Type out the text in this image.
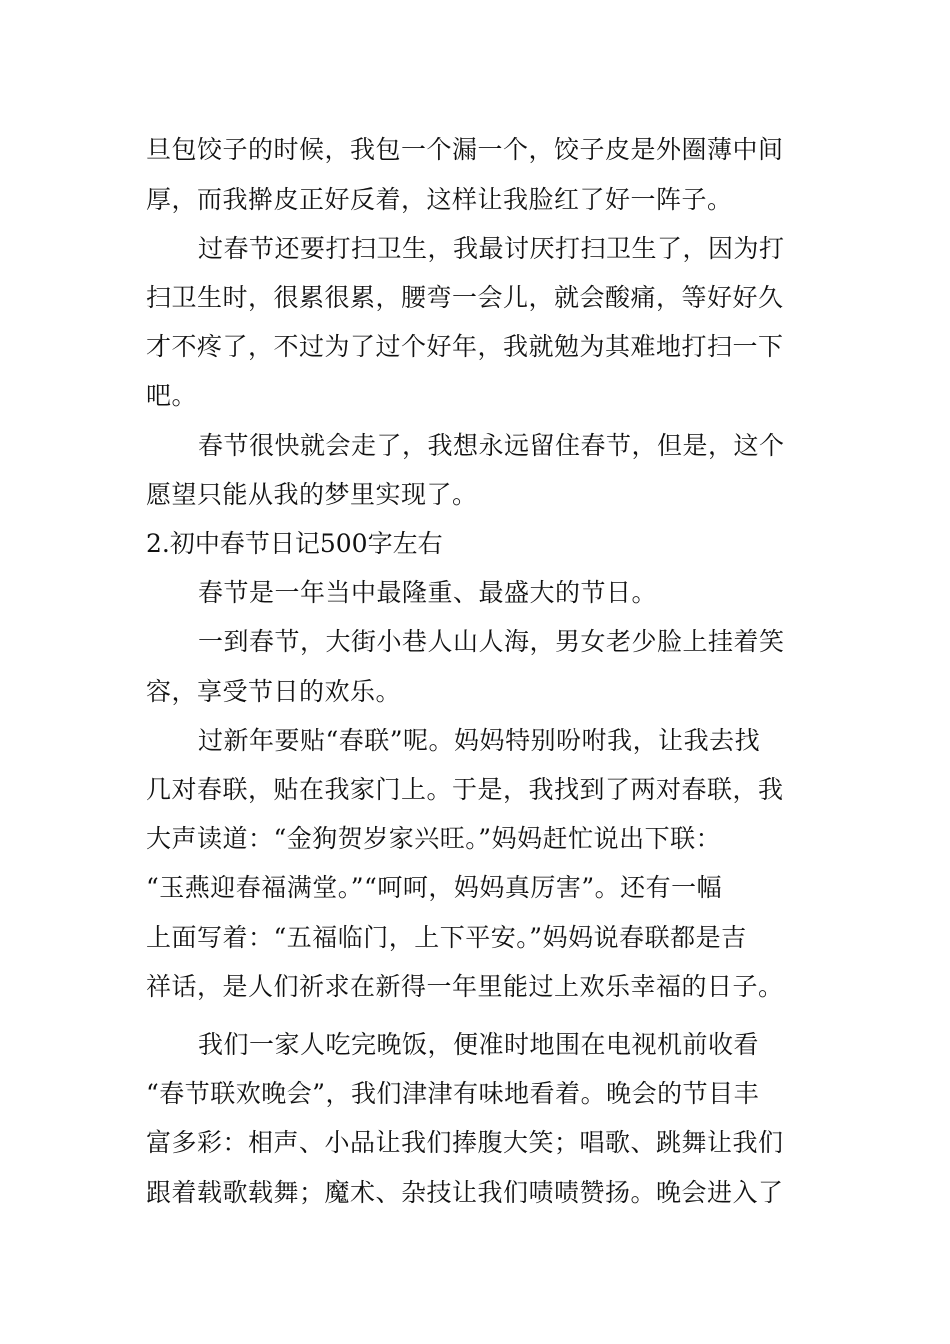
旦包饺子的时候，我包一个漏一个，饺子皮是外圈薄中间
厚，而我擀皮正好反着，这样让我脸红了好一阵子。
过春节还要打扫卫生，我最讨厌打扫卫生了，因为打
扫卫生时，很累很累，腰弯一会儿，就会酸痛，等好好久
才不疼了，不过为了过个好年，我就勉为其难地打扫一下
吧。
春节很快就会走了，我想永远留住春节，但是，这个
愿望只能从我的梦里实现了。
2.初中春节日记500字左右
春节是一年当中最隆重、最盛大的节日。
一到春节，大街小巷人山人海，男女老少脸上挂着笑
容，享受节日的欢乐。
过新年要贴“春联”呢。妈妈特别吩咐我，让我去找
几对春联，贴在我家门上。于是，我找到了两对春联，我
大声读道：“金狗贺岁家兴旺。”妈妈赶忙说出下联：
“玉燕迎春福满堂。”“呵呵，妈妈真厉害”。还有一幅
上面写着：“五福临门，上下平安。”妈妈说春联都是吉
祥话，是人们祈求在新得一年里能过上欢乐幸福的日子。
我们一家人吃完晚饭，便准时地围在电视机前收看
“春节联欢晚会”，我们津津有味地看着。晚会的节目丰
富多彩：相声、小品让我们捧腹大笑；唱歌、跳舞让我们
跟着载歌载舞；魔术、杂技让我们啧啧赞扬。晚会进入了
